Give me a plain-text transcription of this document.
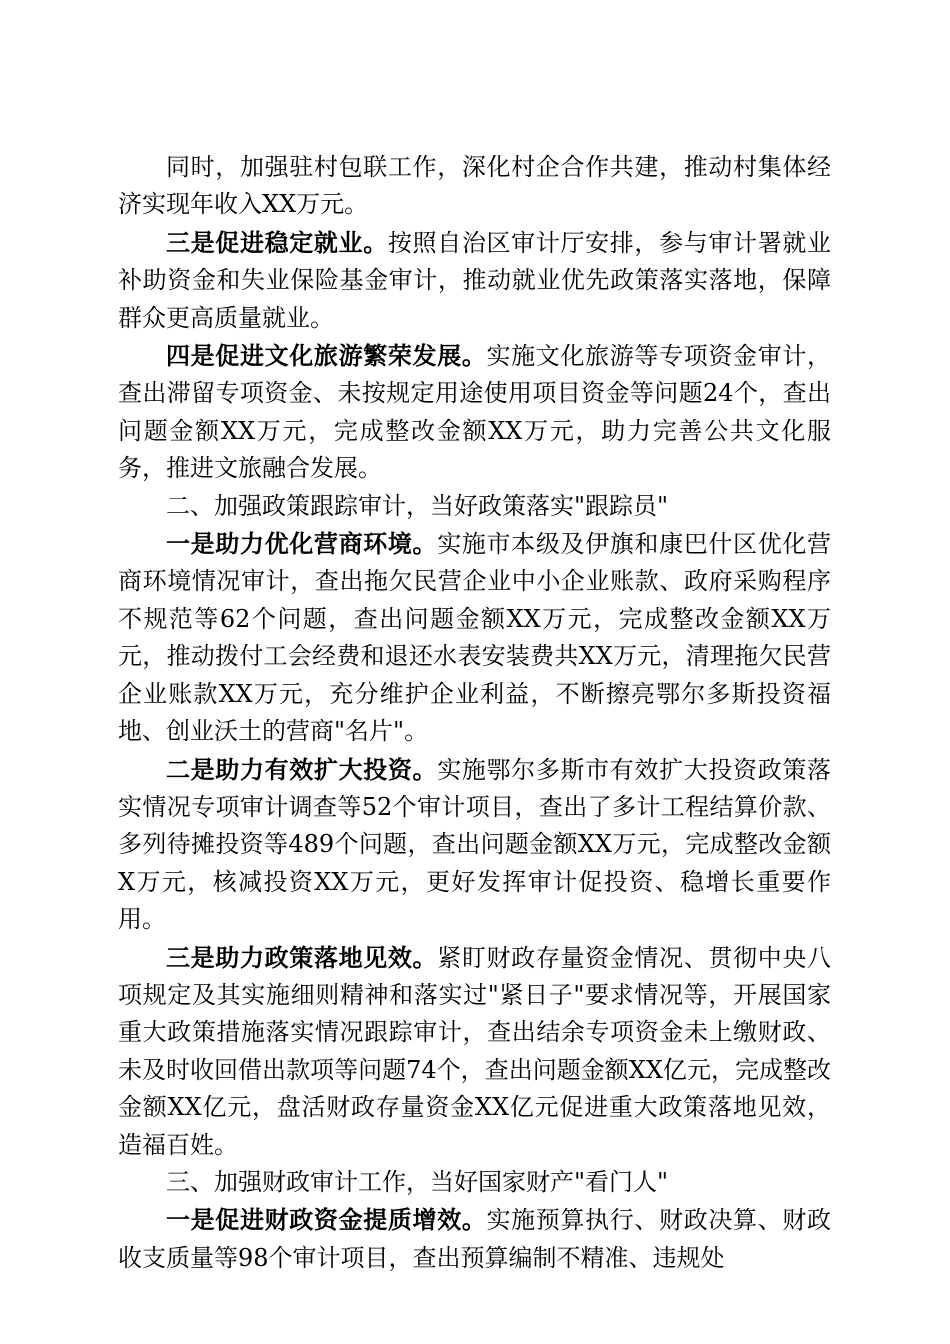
同时，加强驻村包联工作，深化村企合作共建，推动村集体经济实现年收入XX万元。

三是促进稳定就业。按照自治区审计厅安排，参与审计署就业补助资金和失业保险基金审计，推动就业优先政策落实落地，保障群众更高质量就业。

四是促进文化旅游繁荣发展。实施文化旅游等专项资金审计，查出滞留专项资金、未按规定用途使用项目资金等问题24个，查出问题金额XX万元，完成整改金额XX万元，助力完善公共文化服务，推进文旅融合发展。

二、加强政策跟踪审计，当好政策落实"跟踪员"

一是助力优化营商环境。实施市本级及伊旗和康巴什区优化营商环境情况审计，查出拖欠民营企业中小企业账款、政府采购程序不规范等62个问题，查出问题金额XX万元，完成整改金额XX万元，推动拨付工会经费和退还水表安装费共XX万元，清理拖欠民营企业账款XX万元，充分维护企业利益，不断擦亮鄂尔多斯投资福地、创业沃土的营商"名片"。

二是助力有效扩大投资。实施鄂尔多斯市有效扩大投资政策落实情况专项审计调查等52个审计项目，查出了多计工程结算价款、多列待摊投资等489个问题，查出问题金额XX万元，完成整改金额X万元，核减投资XX万元，更好发挥审计促投资、稳增长重要作用。

三是助力政策落地见效。紧盯财政存量资金情况、贯彻中央八项规定及其实施细则精神和落实过"紧日子"要求情况等，开展国家重大政策措施落实情况跟踪审计，查出结余专项资金未上缴财政、未及时收回借出款项等问题74个，查出问题金额XX亿元，完成整改金额XX亿元，盘活财政存量资金XX亿元促进重大政策落地见效，造福百姓。

三、加强财政审计工作，当好国家财产"看门人"

一是促进财政资金提质增效。实施预算执行、财政决算、财政收支质量等98个审计项目，查出预算编制不精准、违规处
